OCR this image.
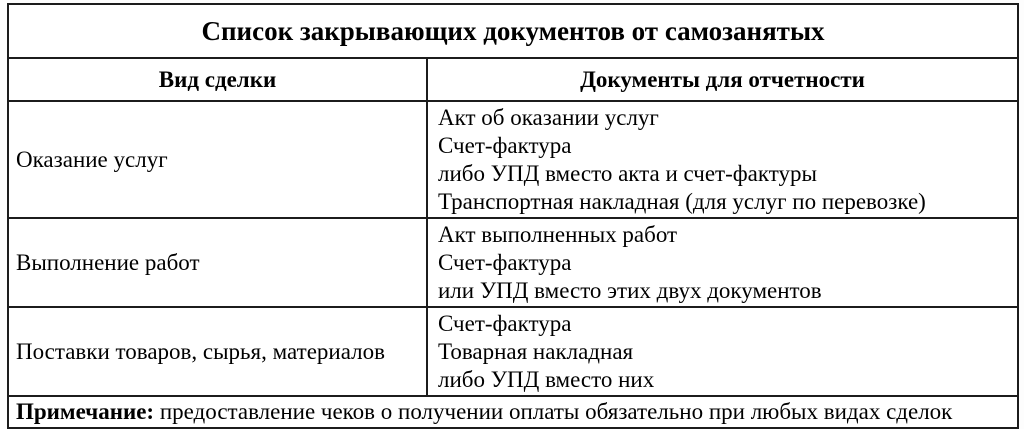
Список закрывающих документов от самозанятых	
Вид сделки	Документы для отчетности
Оказание услуг	Акт об оказании услуг
Счет-фактура
либо УПД вместо акта и счет-фактуры
Транспортная накладная (для услуг по перевозке)

Выполнение работ	Акт выполненных работ
Счет-фактура
или УПД вместо этих двух документов

Поставки товаров, сырья, материалов	Счет-фактура
Товарная накладная
либо УПД вместо них

Примечание: предоставление чеков о получении оплаты обязательно при любых видах сделок	
